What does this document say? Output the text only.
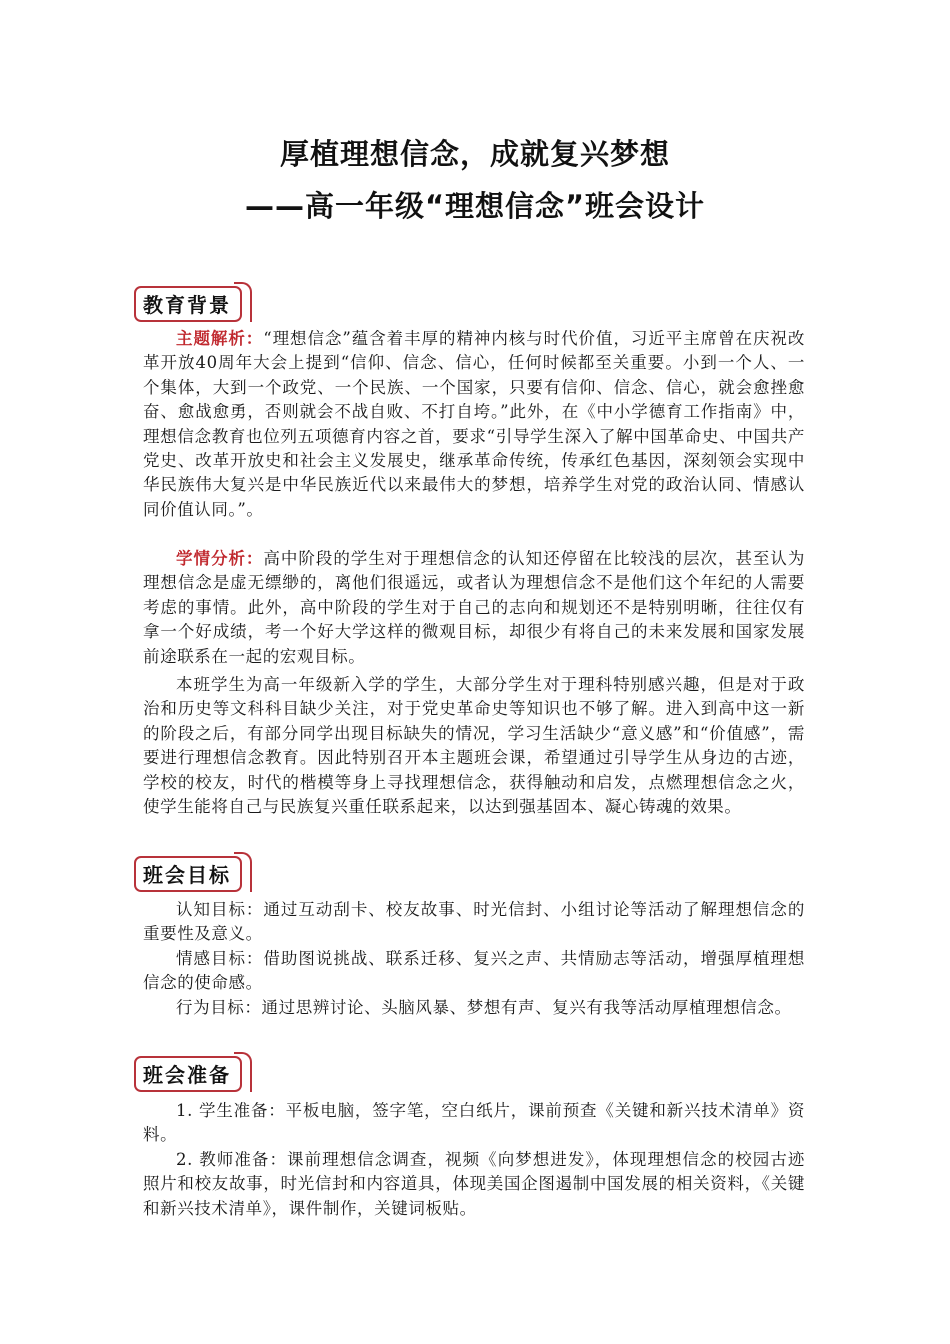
厚植理想信念，成就复兴梦想
——高一年级“理想信念”班会设计
教育背景

主题解析：“理想信念”蕴含着丰厚的精神内核与时代价值，习近平主席曾在庆祝改革开放40周年大会上提到“信仰、信念、信心，任何时候都至关重要。小到一个人、一个集体，大到一个政党、一个民族、一个国家，只要有信仰、信念、信心，就会愈挫愈奋、愈战愈勇，否则就会不战自败、不打自垮。”此外，在《中小学德育工作指南》中，理想信念教育也位列五项德育内容之首，要求“引导学生深入了解中国革命史、中国共产党史、改革开放史和社会主义发展史，继承革命传统，传承红色基因，深刻领会实现中华民族伟大复兴是中华民族近代以来最伟大的梦想，培养学生对党的政治认同、情感认同价值认同。”。

学情分析：高中阶段的学生对于理想信念的认知还停留在比较浅的层次，甚至认为理想信念是虚无缥缈的，离他们很遥远，或者认为理想信念不是他们这个年纪的人需要考虑的事情。此外，高中阶段的学生对于自己的志向和规划还不是特别明晰，往往仅有拿一个好成绩，考一个好大学这样的微观目标，却很少有将自己的未来发展和国家发展前途联系在一起的宏观目标。

本班学生为高一年级新入学的学生，大部分学生对于理科特别感兴趣，但是对于政治和历史等文科科目缺少关注，对于党史革命史等知识也不够了解。进入到高中这一新的阶段之后，有部分同学出现目标缺失的情况，学习生活缺少“意义感”和“价值感”，需要进行理想信念教育。因此特别召开本主题班会课，希望通过引导学生从身边的古迹，学校的校友，时代的楷模等身上寻找理想信念，获得触动和启发，点燃理想信念之火，使学生能将自己与民族复兴重任联系起来，以达到强基固本、凝心铸魂的效果。

班会目标

认知目标：通过互动刮卡、校友故事、时光信封、小组讨论等活动了解理想信念的重要性及意义。

情感目标：借助图说挑战、联系迁移、复兴之声、共情励志等活动，增强厚植理想信念的使命感。

行为目标：通过思辨讨论、头脑风暴、梦想有声、复兴有我等活动厚植理想信念。

班会准备

1. 学生准备：平板电脑，签字笔，空白纸片，课前预查《关键和新兴技术清单》资料。

2. 教师准备：课前理想信念调查，视频《向梦想进发》，体现理想信念的校园古迹照片和校友故事，时光信封和内容道具，体现美国企图遏制中国发展的相关资料，《关键和新兴技术清单》，课件制作，关键词板贴。
